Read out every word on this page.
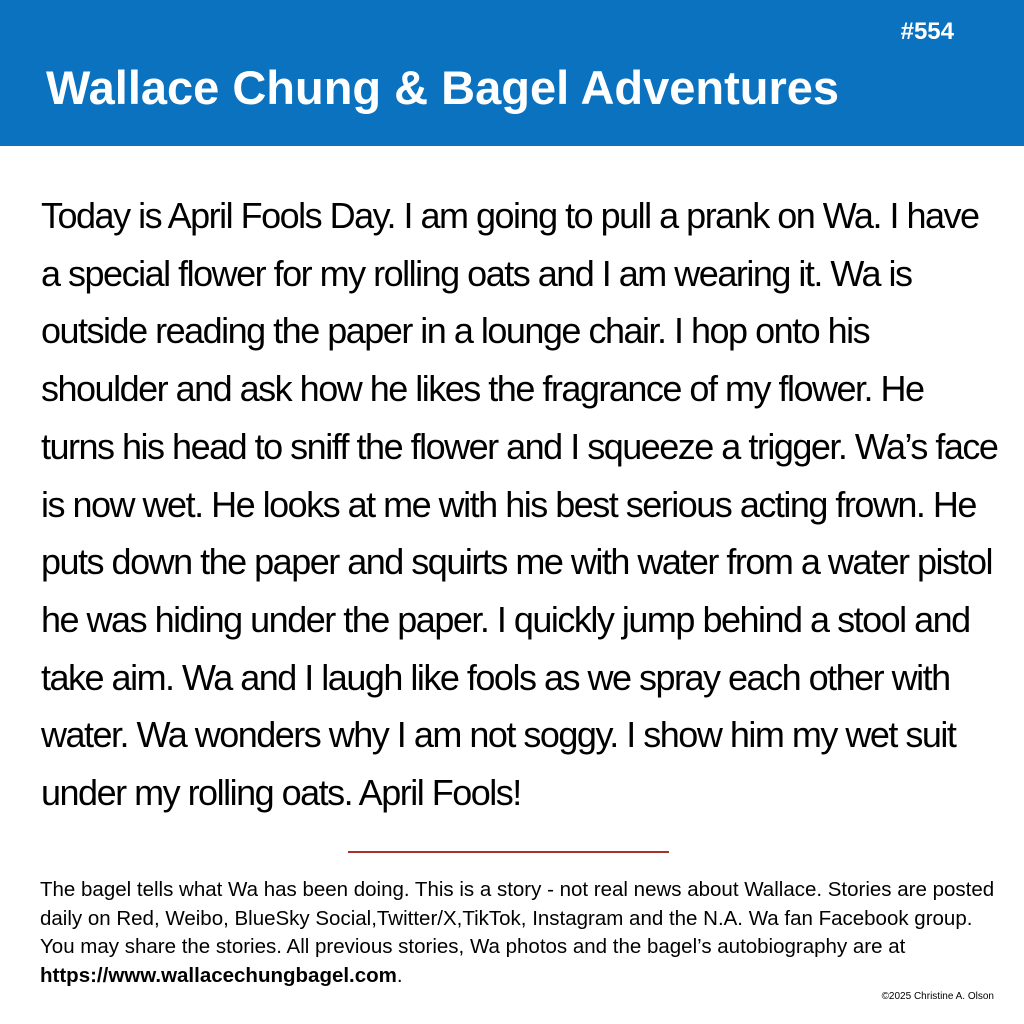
#554
Wallace Chung & Bagel Adventures

Today is April Fools Day. I am going to pull a prank on Wa. I have a special flower for my rolling oats and I am wearing it. Wa is outside reading the paper in a lounge chair. I hop onto his shoulder and ask how he likes the fragrance of my flower. He turns his head to sniff the flower and I squeeze a trigger. Wa’s face is now wet. He looks at me with his best serious acting frown. He puts down the paper and squirts me with water from a water pistol he was hiding under the paper. I quickly jump behind a stool and take aim. Wa and I laugh like fools as we spray each other with water. Wa wonders why I am not soggy. I show him my wet suit under my rolling oats. April Fools!

The bagel tells what Wa has been doing. This is a story - not real news about Wallace. Stories are posted daily on Red, Weibo, BlueSky Social,Twitter/X,TikTok, Instagram and the N.A. Wa fan Facebook group. You may share the stories. All previous stories, Wa photos and the bagel’s autobiography are at https://www.wallacechungbagel.com.

©2025 Christine A. Olson
